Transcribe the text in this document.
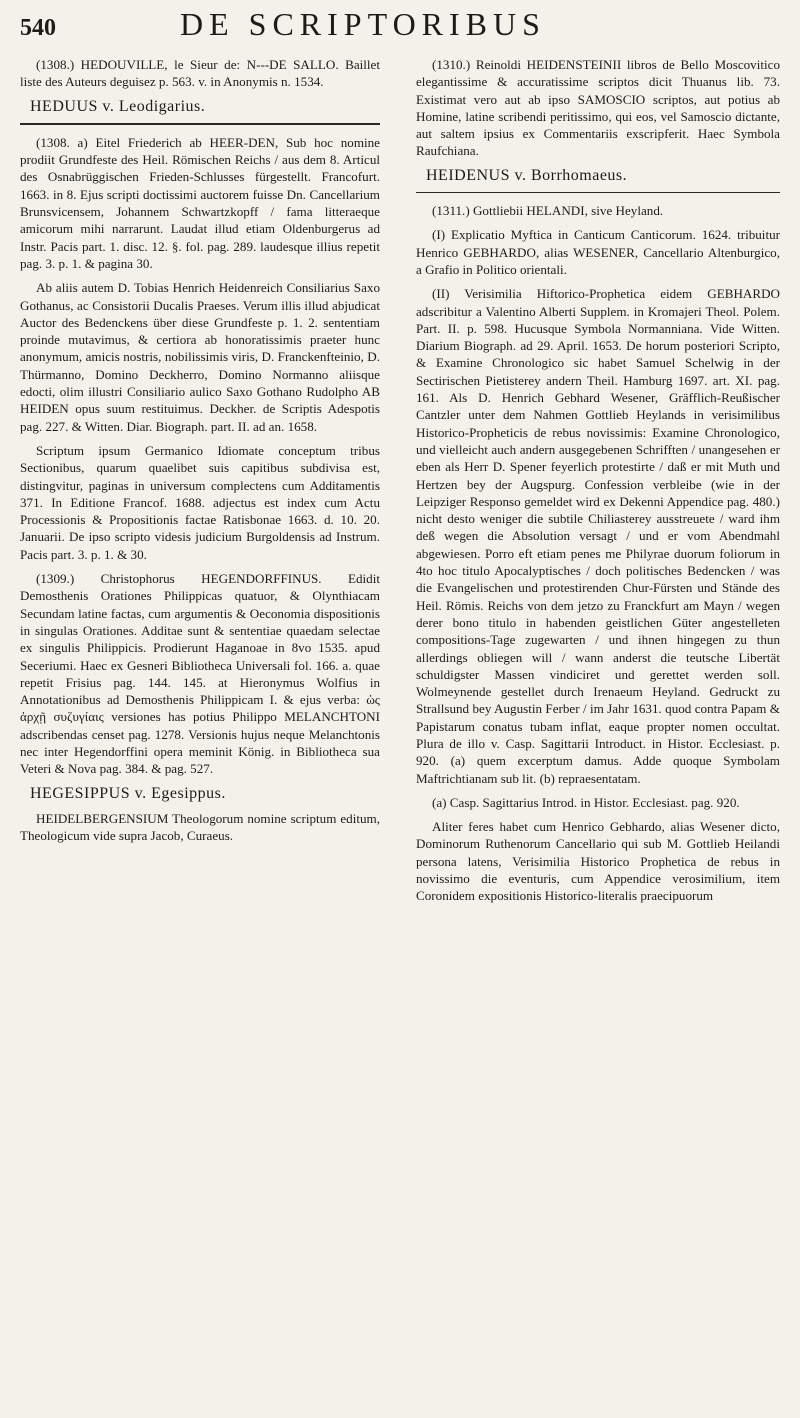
540	DE SCRIPTORIBUS

(1308.) HEDOUVILLE, le Sieur de: N---DE SALLO. Baillet liste des Auteurs deguisez p. 563. v. in Anonymis n. 1534.

HEDUUS v. Leodigarius.

(1308. a) Eitel Friederich ab HEER-DEN, Sub hoc nomine prodiit Grundfeste des Heil. Römischen Reichs / aus dem 8. Articul des Osnabrüggischen Frieden-Schlusses fürgestellt. Francofurt. 1663. in 8. Ejus scripti doctissimi auctorem fuisse Dn. Cancellarium Brunsvicensem, Johannem Schwartzkopff / fama litteraeque amicorum mihi narrarunt. Laudat illud etiam Oldenburgerus ad Instr. Pacis part. 1. disc. 12. §. fol. pag. 289. laudesque illius repetit pag. 3. p. 1. & pagina 30.

Ab aliis autem D. Tobias Henrich Heidenreich Consiliarius Saxo Gothanus, ac Consistorii Ducalis Praeses. Verum illis illud abjudicat Auctor des Bedenckens über diese Grundfeste p. 1. 2. sententiam proinde mutavimus, & certiora ab honoratissimis praeter hunc anonymum, amicis nostris, nobilissimis viris, D. Franckenfteinio, D. Thürmanno, Domino Deckherro, Domino Normanno aliisque edocti, olim illustri Consiliario aulico Saxo Gothano Rudolpho AB HEIDEN opus suum restituimus. Deckher. de Scriptis Adespotis pag. 227. & Witten. Diar. Biograph. part. II. ad an. 1658.

Scriptum ipsum Germanico Idiomate conceptum tribus Sectionibus, quarum quaelibet suis capitibus subdivisa est, distingvitur, paginas in universum complectens cum Additamentis 371. In Editione Francof. 1688. adjectus est index cum Actu Processionis & Propositionis factae Ratisbonae 1663. d. 10. 20. Januarii. De ipso scripto videsis judicium Burgoldensis ad Instrum. Pacis part. 3. p. 1. & 30.

(1309.) Christophorus HEGENDORFFINUS. Edidit Demosthenis Orationes Philippicas quatuor, & Olynthiacam Secundam latine factas, cum argumentis & Oeconomia dispositionis in singulas Orationes. Additae sunt & sententiae quaedam selectae ex singulis Philippicis. Prodierunt Haganoae in 8vo 1535. apud Seceriumi. Haec ex Gesneri Bibliotheca Universali fol. 166. a. quae repetit Frisius pag. 144. 145. at Hieronymus Wolfius in Annotationibus ad Demosthenis Philippicam I. & ejus verba: ὡς ἀρχῇ συζυγίαις versiones has potius Philippo MELANCHTONI adscribendas censet pag. 1278. Versionis hujus neque Melanchtonis nec inter Hegendorffini opera meminit König. in Bibliotheca sua Veteri & Nova pag. 384. & pag. 527.

HEGESIPPUS v. Egesippus.

HEIDELBERGENSIUM Theologorum nomine scriptum editum, Theologicum vide supra Jacob, Curaeus.

(1310.) Reinoldi HEIDENSTEINII libros de Bello Moscovitico elegantissime & accuratissime scriptos dicit Thuanus lib. 73. Existimat vero aut ab ipso SAMOSCIO scriptos, aut potius ab Homine, latine scribendi peritissimo, qui eos, vel Samoscio dictante, aut saltem ipsius ex Commentariis exscripferit. Haec Symbola Raufchiana.

HEIDENUS v. Borrhomaeus.

(1311.) Gottliebii HELANDI, sive Heyland.

(I) Explicatio Myftica in Canticum Canticorum. 1624. tribuitur Henrico GEBHARDO, alias WESENER, Cancellario Altenburgico, a Grafio in Politico orientali.

(II) Verisimilia Hiftorico-Prophetica eidem GEBHARDO adscribitur a Valentino Alberti Supplem. in Kromajeri Theol. Polem. Part. II. p. 598. Hucusque Symbola Normanniana. Vide Witten. Diarium Biograph. ad 29. April. 1653. De horum posteriori Scripto, & Examine Chronologico sic habet Samuel Schelwig in der Sectirischen Pietisterey andern Theil. Hamburg 1697. art. XI. pag. 161. Als D. Henrich Gebhard Wesener, Gräfflich-Reußischer Cantzler unter dem Nahmen Gottlieb Heylands in verisimilibus Historico-Propheticis de rebus novissimis: Examine Chronologico, und vielleicht auch andern ausgegebenen Schrifften / unangesehen er eben als Herr D. Spener feyerlich protestirte / daß er mit Muth und Hertzen bey der Augspurg. Confession verbleibe (wie in der Leipziger Responso gemeldet wird ex Dekenni Appendice pag. 480.) nicht desto weniger die subtile Chiliasterey ausstreuete / ward ihm deß wegen die Absolution versagt / und er vom Abendmahl abgewiesen. Porro eft etiam penes me Philyrae duorum foliorum in 4to hoc titulo Apocalyptisches / doch politisches Bedencken / was die Evangelischen und protestirenden Chur-Fürsten und Stände des Heil. Römis. Reichs von dem jetzo zu Franckfurt am Mayn / wegen derer bono titulo in habenden geistlichen Güter angestelleten compositions-Tage zugewarten / und ihnen hingegen zu thun allerdings obliegen will / wann anderst die teutsche Libertät schuldigster Massen vindiciret und gerettet werden soll. Wolmeynende gestellet durch Irenaeum Heyland. Gedruckt zu Strallsund bey Augustin Ferber / im Jahr 1631. quod contra Papam & Papistarum conatus tubam inflat, eaque propter nomen occultat. Plura de illo v. Casp. Sagittarii Introduct. in Histor. Ecclesiast. p. 920. (a) quem excerptum damus. Adde quoque Symbolam Maftrichtianam sub lit. (b) repraesentatam.

(a) Casp. Sagittarius Introd. in Histor. Ecclesiast. pag. 920.

Aliter feres habet cum Henrico Gebhardo, alias Wesener dicto, Dominorum Ruthenorum Cancellario qui sub M. Gottlieb Heilandi persona latens, Verisimilia Historico Prophetica de rebus in novissimo die eventuris, cum Appendice verosimilium, item Coronidem expositionis Historico-literalis praecipuorum
